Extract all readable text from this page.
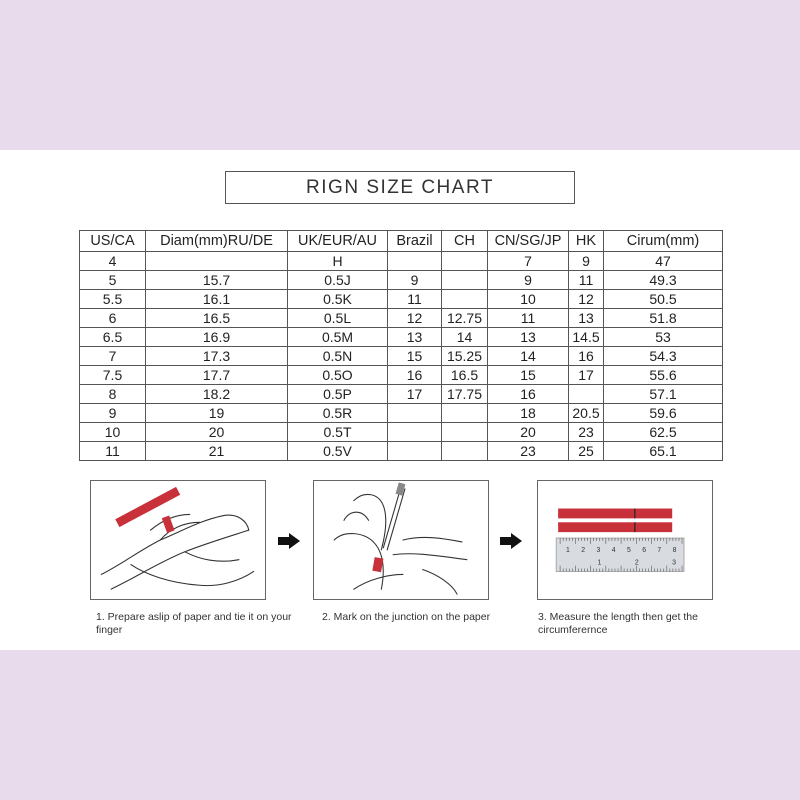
RIGN SIZE CHART
US/CA	Diam(mm)RU/DE	UK/EUR/AU	Brazil	CH	CN/SG/JP	HK	Cirum(mm)
4		H			7	9	47
5	15.7	0.5J	9		9	11	49.3
5.5	16.1	0.5K	11		10	12	50.5
6	16.5	0.5L	12	12.75	11	13	51.8
6.5	16.9	0.5M	13	14	13	14.5	53
7	17.3	0.5N	15	15.25	14	16	54.3
7.5	17.7	0.5O	16	16.5	15	17	55.6
8	18.2	0.5P	17	17.75	16		57.1
9	19	0.5R			18	20.5	59.6
10	20	0.5T			20	23	62.5
11	21	0.5V			23	25	65.1
1 2 3 4 5 6 7 8
1	2	3
1. Prepare aslip of paper and tie it on your finger
2. Mark on the junction on the paper	3. Measure the length then get the circumferernce
